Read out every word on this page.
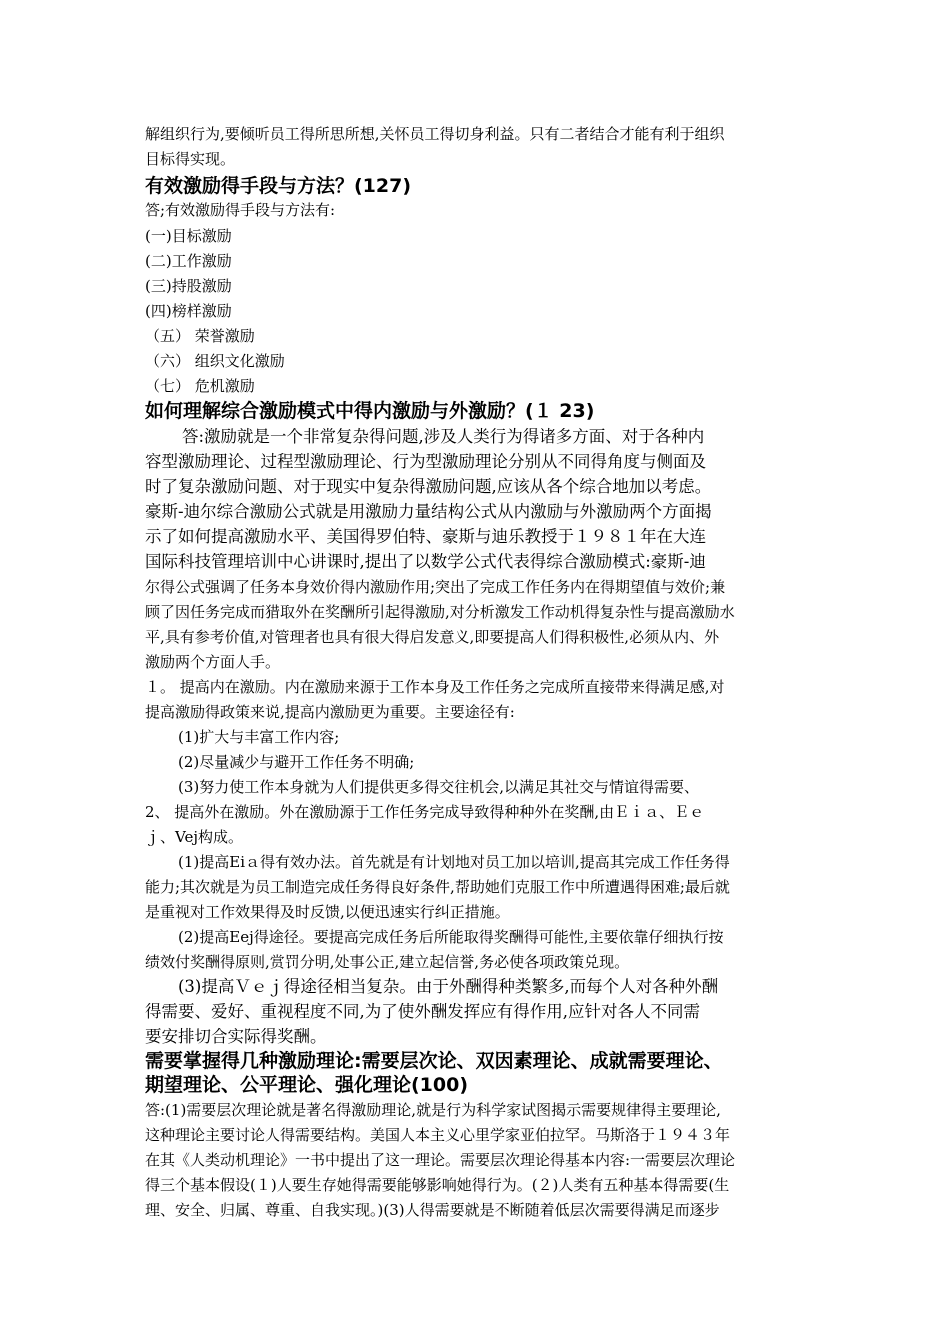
解组织行为,要倾听员工得所思所想,关怀员工得切身利益。只有二者结合才能有利于组织
目标得实现。
有效激励得手段与方法？(127)
答;有效激励得手段与方法有:
(一)目标激励
(二)工作激励
(三)持股激励
(四)榜样激励
（五） 荣誉激励
（六） 组织文化激励
（七） 危机激励
如何理解综合激励模式中得内激励与外激励？(１ 23)
答:激励就是一个非常复杂得问题,涉及人类行为得诸多方面、对于各种内
容型激励理论、过程型激励理论、行为型激励理论分别从不同得角度与侧面及
时了复杂激励问题、对于现实中复杂得激励问题,应该从各个综合地加以考虑。
豪斯-迪尔综合激励公式就是用激励力量结构公式从内激励与外激励两个方面揭
示了如何提高激励水平、美国得罗伯特、豪斯与迪乐教授于１９８１年在大连
国际科技管理培训中心讲课时,提出了以数学公式代表得综合激励模式:豪斯-迪
尔得公式强调了任务本身效价得内激励作用;突出了完成工作任务内在得期望值与效价;兼
顾了因任务完成而猎取外在奖酬所引起得激励,对分析激发工作动机得复杂性与提高激励水
平,具有参考价值,对管理者也具有很大得启发意义,即要提高人们得积极性,必须从内、外
激励两个方面人手。
１。 提高内在激励。内在激励来源于工作本身及工作任务之完成所直接带来得满足感,对
提高激励得政策来说,提高内激励更为重要。主要途径有:
(1)扩大与丰富工作内容;
(2)尽量减少与避开工作任务不明确;
(3)努力使工作本身就为人们提供更多得交往机会,以满足其社交与情谊得需要、
2、 提高外在激励。外在激励源于工作任务完成导致得种种外在奖酬,由Ｅｉａ、Ｅｅ
ｊ、Vej构成。
(1)提高Eiａ得有效办法。首先就是有计划地对员工加以培训,提高其完成工作任务得
能力;其次就是为员工制造完成任务得良好条件,帮助她们克服工作中所遭遇得困难;最后就
是重视对工作效果得及时反馈,以便迅速实行纠正措施。
(2)提高Eej得途径。要提高完成任务后所能取得奖酬得可能性,主要依靠仔细执行按
绩效付奖酬得原则,赏罚分明,处事公正,建立起信誉,务必使各项政策兑现。
(3)提高Ｖｅｊ得途径相当复杂。由于外酬得种类繁多,而每个人对各种外酬
得需要、爱好、重视程度不同,为了使外酬发挥应有得作用,应针对各人不同需
要安排切合实际得奖酬。
需要掌握得几种激励理论:需要层次论、双因素理论、成就需要理论、
期望理论、公平理论、强化理论(100)
答:(1)需要层次理论就是著名得激励理论,就是行为科学家试图揭示需要规律得主要理论,
这种理论主要讨论人得需要结构。美国人本主义心里学家亚伯拉罕。马斯洛于１９４３年
在其《人类动机理论》一书中提出了这一理论。需要层次理论得基本内容:一需要层次理论
得三个基本假设(１)人要生存她得需要能够影响她得行为。(２)人类有五种基本得需要(生
理、安全、归属、尊重、自我实现。)(3)人得需要就是不断随着低层次需要得满足而逐步
